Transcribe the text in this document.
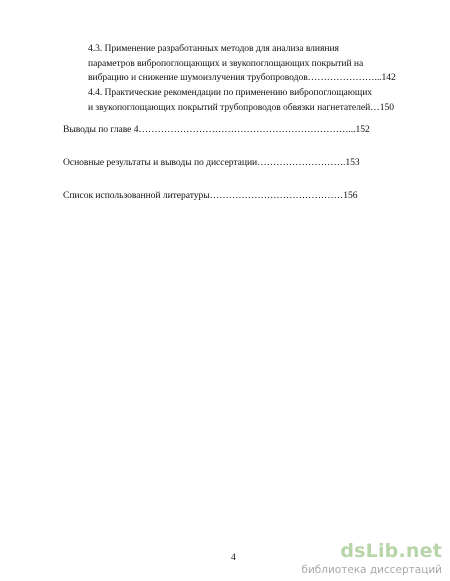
4.3. Применение разработанных методов для анализа влияния
параметров вибропоглощающих и звукопоглощающих покрытий на
вибрацию и снижение шумоизлучения трубопроводов…………………...142
4.4. Практические рекомендации по применению вибропоглощающих
и звукопоглощающих покрытий трубопроводов обвязки нагнетателей…150
Выводы по главе 4…………………………………………………………...152
Основные результаты и выводы по диссертации……………………….153
Список использованной литературы……………………………………156
4	dsLib.net
библиотека диссертаций
